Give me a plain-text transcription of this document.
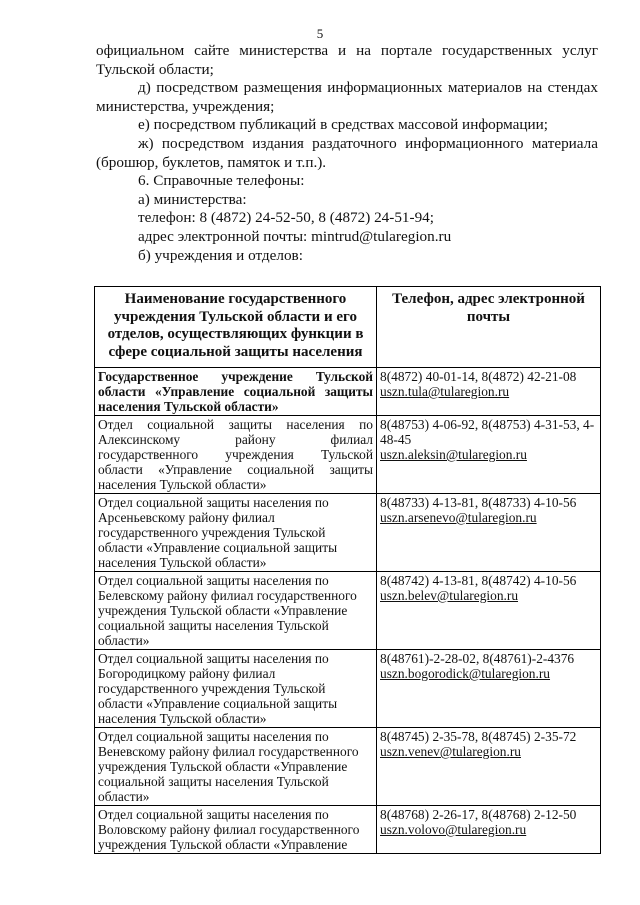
5

официальном сайте министерства и на портале государственных услуг

Тульской области;

д) посредством размещения информационных материалов на стендах

министерства, учреждения;

е) посредством публикаций в средствах массовой информации;

ж) посредством издания раздаточного информационного материала

(брошюр, буклетов, памяток и т.п.).

6. Справочные телефоны:

а) министерства:

телефон: 8 (4872) 24-52-50, 8 (4872) 24-51-94;

адрес электронной почты: mintrud@tularegion.ru

б) учреждения и отделов:

Наименование государственного учреждения Тульской области и его отделов, осуществляющих функции в сфере социальной защиты населения	Телефон, адрес электронной почты
Государственное учреждение Тульской области «Управление социальной защиты населения Тульской области»	8(4872) 40-01-14, 8(4872) 42-21-08
uszn.tula@tularegion.ru

Отдел социальной защиты населения по Алексинскому району филиал государственного учреждения Тульской области «Управление социальной защиты населения Тульской области»	8(48753) 4-06-92, 8(48753) 4-31-53, 4-48-45
uszn.aleksin@tularegion.ru

Отдел социальной защиты населения по Арсеньевскому району филиал государственного учреждения Тульской области «Управление социальной защиты населения Тульской области»	8(48733) 4-13-81, 8(48733) 4-10-56
uszn.arsenevo@tularegion.ru

Отдел социальной защиты населения по Белевскому району филиал государственного учреждения Тульской области «Управление социальной защиты населения Тульской области»	8(48742) 4-13-81, 8(48742) 4-10-56
uszn.belev@tularegion.ru

Отдел социальной защиты населения по Богородицкому району филиал государственного учреждения Тульской области «Управление социальной защиты населения Тульской области»	8(48761)-2-28-02, 8(48761)-2-4376
uszn.bogorodick@tularegion.ru

Отдел социальной защиты населения по Веневскому району филиал государственного учреждения Тульской области «Управление социальной защиты населения Тульской области»	8(48745) 2-35-78, 8(48745) 2-35-72
uszn.venev@tularegion.ru

Отдел социальной защиты населения по Воловскому району филиал государственного учреждения Тульской области «Управление	8(48768) 2-26-17, 8(48768) 2-12-50
uszn.volovo@tularegion.ru
